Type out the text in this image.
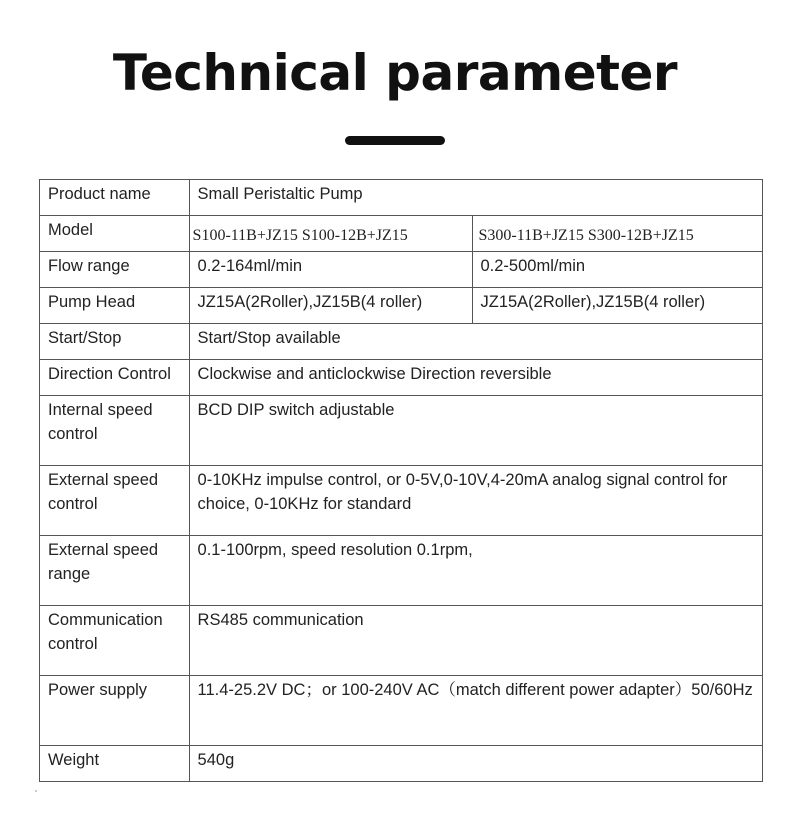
Technical parameter
Product name	Small Peristaltic Pump	
Model	S100-11B+JZ15 S100-12B+JZ15	S300-11B+JZ15 S300-12B+JZ15
Flow range	0.2-164ml/min	0.2-500ml/min
Pump Head	JZ15A(2Roller),JZ15B(4 roller)	JZ15A(2Roller),JZ15B(4 roller)
Start/Stop	Start/Stop available	
Direction Control	Clockwise and anticlockwise Direction reversible	
Internal speed control	BCD DIP switch adjustable	
External speed control	0-10KHz impulse control, or 0-5V,0-10V,4-20mA analog signal control for choice, 0-10KHz for standard	
External speed range	0.1-100rpm, speed resolution 0.1rpm,	
Communication control	RS485 communication	
Power supply	11.4-25.2V DC；or 100-240V AC（match different power adapter）50/60Hz	
Weight	540g	
